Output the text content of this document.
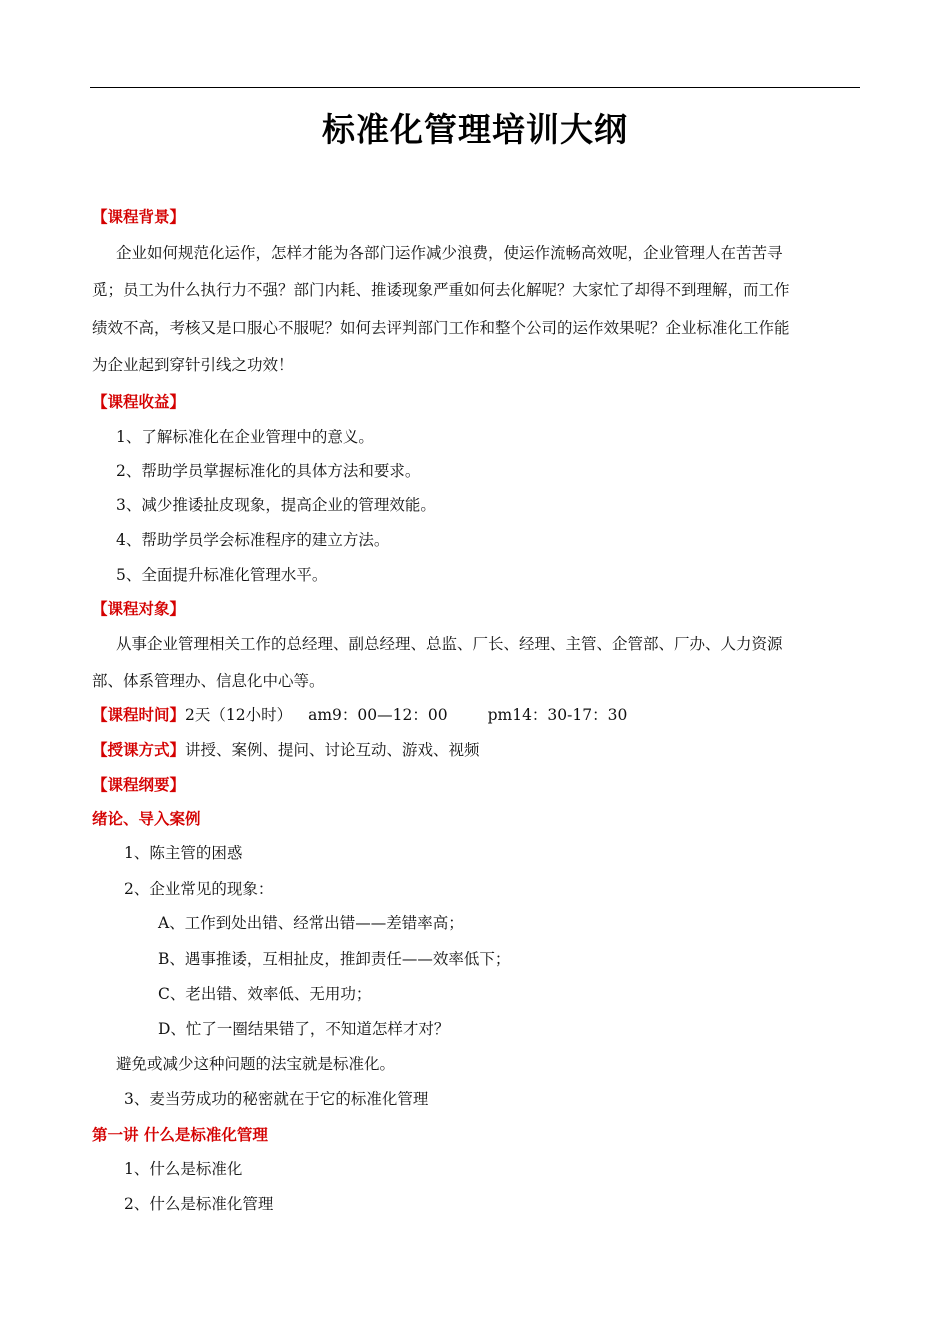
标准化管理培训大纲
【课程背景】
企业如何规范化运作，怎样才能为各部门运作减少浪费，使运作流畅高效呢，企业管理人在苦苦寻
觅；员工为什么执行力不强？部门内耗、推诿现象严重如何去化解呢？大家忙了却得不到理解，而工作
绩效不高，考核又是口服心不服呢？如何去评判部门工作和整个公司的运作效果呢？企业标准化工作能
为企业起到穿针引线之功效！
【课程收益】
1、了解标准化在企业管理中的意义。
2、帮助学员掌握标准化的具体方法和要求。
3、减少推诿扯皮现象，提高企业的管理效能。
4、帮助学员学会标准程序的建立方法。
5、全面提升标准化管理水平。
【课程对象】
从事企业管理相关工作的总经理、副总经理、总监、厂长、经理、主管、企管部、厂办、人力资源
部、体系管理办、信息化中心等。
【课程时间】2天（12小时） am9：00—12：00	pm14：30-17：30
【授课方式】讲授、案例、提问、讨论互动、游戏、视频
【课程纲要】
绪论、导入案例
1、陈主管的困惑
2、企业常见的现象：
A、工作到处出错、经常出错——差错率高；
B、遇事推诿，互相扯皮，推卸责任——效率低下；
C、老出错、效率低、无用功；
D、忙了一圈结果错了，不知道怎样才对？
避免或减少这种问题的法宝就是标准化。
3、麦当劳成功的秘密就在于它的标准化管理
第一讲 什么是标准化管理
1、什么是标准化
2、什么是标准化管理
